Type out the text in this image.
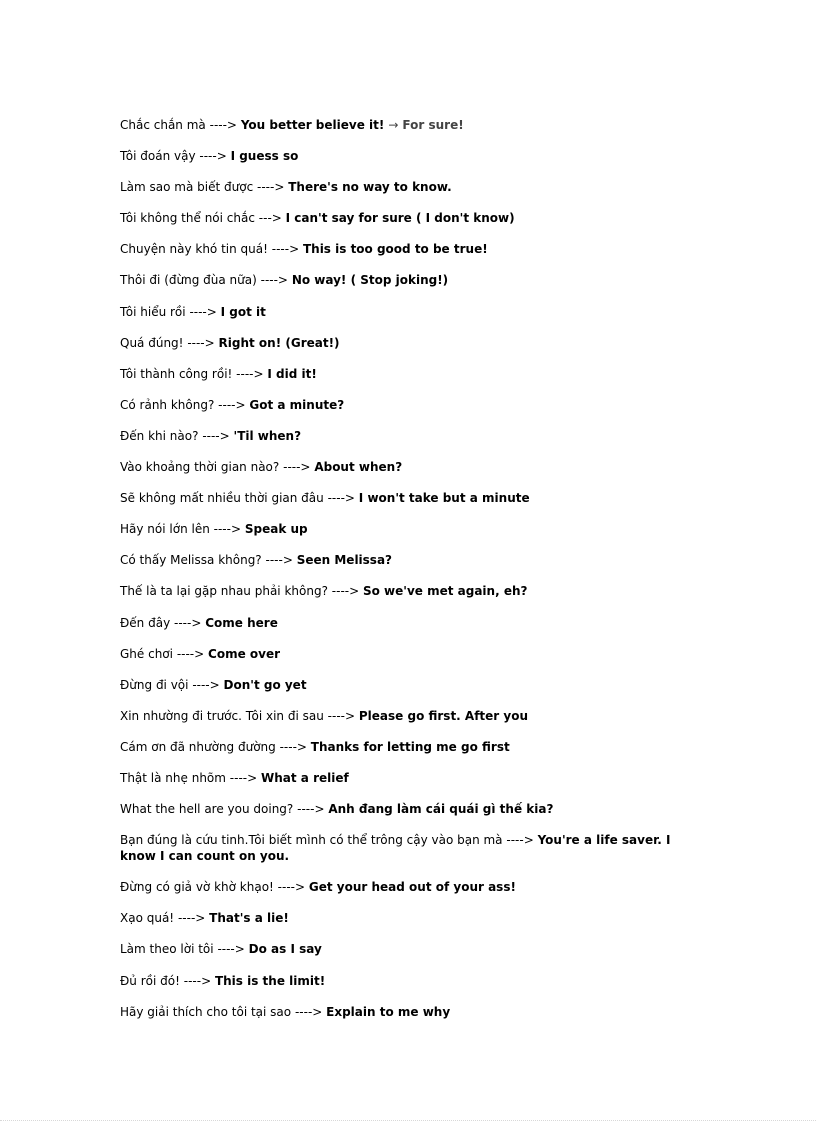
Chắc chắn mà ----> You better believe it! → For sure!
Tôi đoán vậy ----> I guess so
Làm sao mà biết được ----> There's no way to know.
Tôi không thể nói chắc ---> I can't say for sure ( I don't know)
Chuyện này khó tin quá! ----> This is too good to be true!
Thôi đi (đừng đùa nữa) ----> No way! ( Stop joking!)
Tôi hiểu rồi ----> I got it
Quá đúng! ----> Right on! (Great!)
Tôi thành công rồi! ----> I did it!
Có rảnh không? ----> Got a minute?
Đến khi nào? ----> 'Til when?
Vào khoảng thời gian nào? ----> About when?
Sẽ không mất nhiều thời gian đâu ----> I won't take but a minute
Hãy nói lớn lên ----> Speak up
Có thấy Melissa không? ----> Seen Melissa?
Thế là ta lại gặp nhau phải không? ----> So we've met again, eh?
Đến đây ----> Come here
Ghé chơi ----> Come over
Đừng đi vội ----> Don't go yet
Xin nhường đi trước. Tôi xin đi sau ----> Please go first. After you
Cám ơn đã nhường đường ----> Thanks for letting me go first
Thật là nhẹ nhõm ----> What a relief
What the hell are you doing? ----> Anh đang làm cái quái gì thế kia?
Bạn đúng là cứu tinh.Tôi biết mình có thể trông cậy vào bạn mà ----> You're a life saver. I know I can count on you.
Đừng có giả vờ khờ khạo! ----> Get your head out of your ass!
Xạo quá! ----> That's a lie!
Làm theo lời tôi ----> Do as I say
Đủ rồi đó! ----> This is the limit!
Hãy giải thích cho tôi tại sao ----> Explain to me why
